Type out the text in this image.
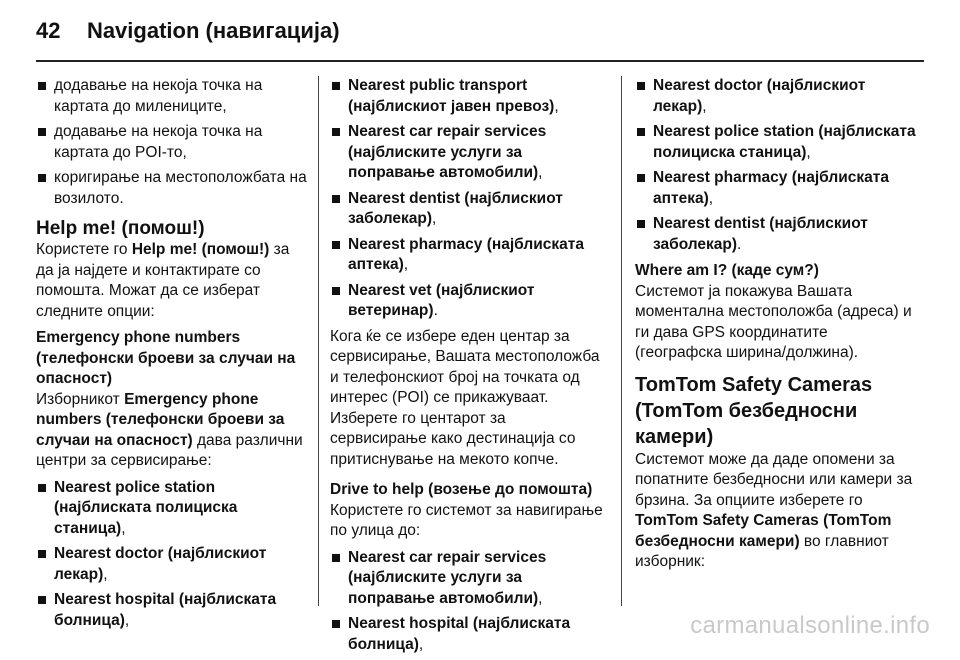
42 Navigation (навигација)
додавање на некоја точка на картата до милениците,
додавање на некоја точка на картата до POI-то,
коригирање на местоположбата на возилото.
Help me! (помош!)

Користете го Help me! (помош!) за да ја најдете и контактирате со помошта. Можат да се изберат следните опции:

Emergency phone numbers (телефонски броеви за случаи на опасност)

Изборникот Emergency phone numbers (телефонски броеви за случаи на опасност) дава различни центри за сервисирање:

Nearest police station (најблиската полициска станица),
Nearest doctor (најблискиот лекар),
Nearest hospital (најблиската болница),
Nearest public transport (најблискиот јавен превоз),
Nearest car repair services (најблиските услуги за поправање автомобили),
Nearest dentist (најблискиот заболекар),
Nearest pharmacy (најблиската аптека),
Nearest vet (најблискиот ветеринар).

Кога ќе се избере еден центар за сервисирање, Вашата местоположба и телефонскиот број на точката од интерес (POI) се прикажуваат. Изберете го центарот за сервисирање како дестинација со притиснување на мекото копче.

Drive to help (возење до помошта)

Користете го системот за навигирање по улица до:

Nearest car repair services (најблиските услуги за поправање автомобили),
Nearest hospital (најблиската болница),
Nearest doctor (најблискиот лекар),
Nearest police station (најблиската полициска станица),
Nearest pharmacy (најблиската аптека),
Nearest dentist (најблискиот заболекар).
Where am I? (каде сум?)

Системот ја покажува Вашата моментална местоположба (адреса) и ги дава GPS координатите (географска ширина/должина).

TomTom Safety Cameras (TomTom безбедносни камери)

Системот може да даде опомени за попатните безбедносни или камери за брзина. За опциите изберете го TomTom Safety Cameras (TomTom безбедносни камери) во главниот изборник:

carmanualsonline.info
